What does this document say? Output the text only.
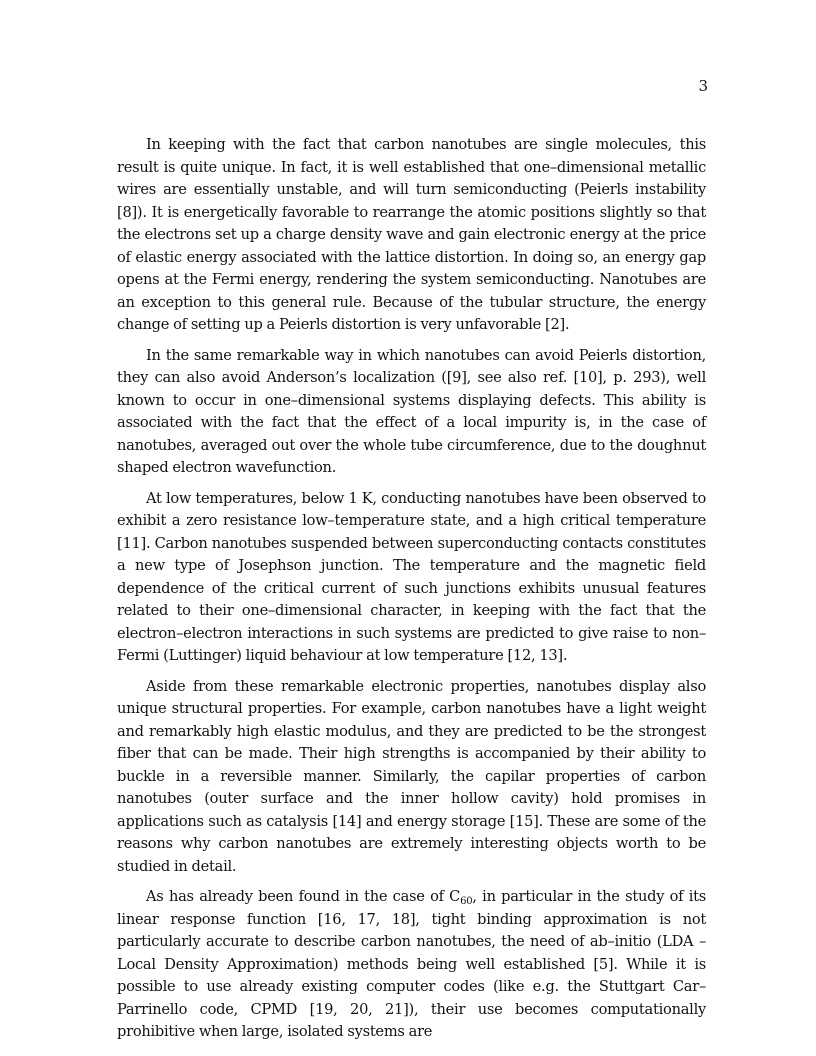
3

In keeping with the fact that carbon nanotubes are single molecules, this result is quite unique. In fact, it is well established that one–dimensional metallic wires are essentially unstable, and will turn semiconducting (Peierls instability [8]). It is energetically favorable to rearrange the atomic positions slightly so that the electrons set up a charge density wave and gain electronic energy at the price of elastic energy associated with the lattice distortion. In doing so, an energy gap opens at the Fermi energy, rendering the system semiconducting. Nanotubes are an exception to this general rule. Because of the tubular structure, the energy change of setting up a Peierls distortion is very unfavorable [2].

In the same remarkable way in which nanotubes can avoid Peierls distortion, they can also avoid Anderson’s localization ([9], see also ref. [10], p. 293), well known to occur in one–dimensional systems displaying defects. This ability is associated with the fact that the effect of a local impurity is, in the case of nanotubes, averaged out over the whole tube circumference, due to the doughnut shaped electron wavefunction.

At low temperatures, below 1 K, conducting nanotubes have been observed to exhibit a zero resistance low–temperature state, and a high critical temperature [11]. Carbon nanotubes suspended between superconducting contacts constitutes a new type of Josephson junction. The temperature and the magnetic field dependence of the critical current of such junctions exhibits unusual features related to their one–dimensional character, in keeping with the fact that the electron–electron interactions in such systems are predicted to give raise to non–Fermi (Luttinger) liquid behaviour at low temperature [12, 13].

Aside from these remarkable electronic properties, nanotubes display also unique structural properties. For example, carbon nanotubes have a light weight and remarkably high elastic modulus, and they are predicted to be the strongest fiber that can be made. Their high strengths is accompanied by their ability to buckle in a reversible manner. Similarly, the capilar properties of carbon nanotubes (outer surface and the inner hollow cavity) hold promises in applications such as catalysis [14] and energy storage [15]. These are some of the reasons why carbon nanotubes are extremely interesting objects worth to be studied in detail.

As has already been found in the case of $C_{60}$, in particular in the study of its linear response function [16, 17, 18], tight binding approximation is not particularly accurate to describe carbon nanotubes, the need of ab–initio (LDA – Local Density Approximation) methods being well established [5]. While it is possible to use already existing computer codes (like e.g. the Stuttgart Car–Parrinello code, CPMD [19, 20, 21]), their use becomes computationally prohibitive when large, isolated systems are
